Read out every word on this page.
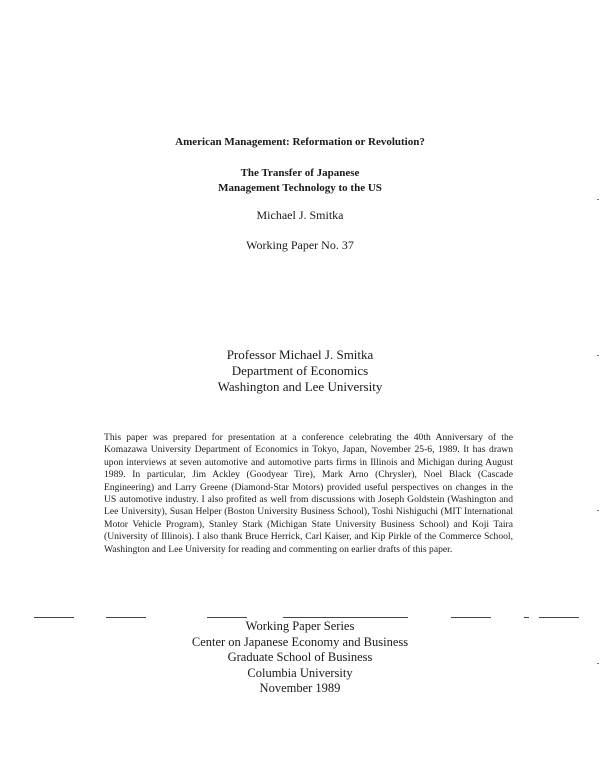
American Management: Reformation or Revolution?
The Transfer of Japanese
Management Technology to the US
Michael J. Smitka
Working Paper No. 37
Professor Michael J. Smitka
Department of Economics
Washington and Lee University
This paper was prepared for presentation at a conference celebrating the 40th Anniversary of the Komazawa University Department of Economics in Tokyo, Japan, November 25-6, 1989. It has drawn upon interviews at seven automotive and automotive parts firms in Illinois and Michigan during August 1989. In particular, Jim Ackley (Goodyear Tire), Mark Arno (Chrysler), Noel Black (Cascade Engineering) and Larry Greene (Diamond-Star Motors) provided useful perspectives on changes in the US automotive industry. I also profited as well from discussions with Joseph Goldstein (Washington and Lee University), Susan Helper (Boston University Business School), Toshi Nishiguchi (MIT International Motor Vehicle Program), Stanley Stark (Michigan State University Business School) and Koji Taira (University of Illinois). I also thank Bruce Herrick, Carl Kaiser, and Kip Pirkle of the Commerce School, Washington and Lee University for reading and commenting on earlier drafts of this paper.
Working Paper Series
Center on Japanese Economy and Business
Graduate School of Business
Columbia University
November 1989
